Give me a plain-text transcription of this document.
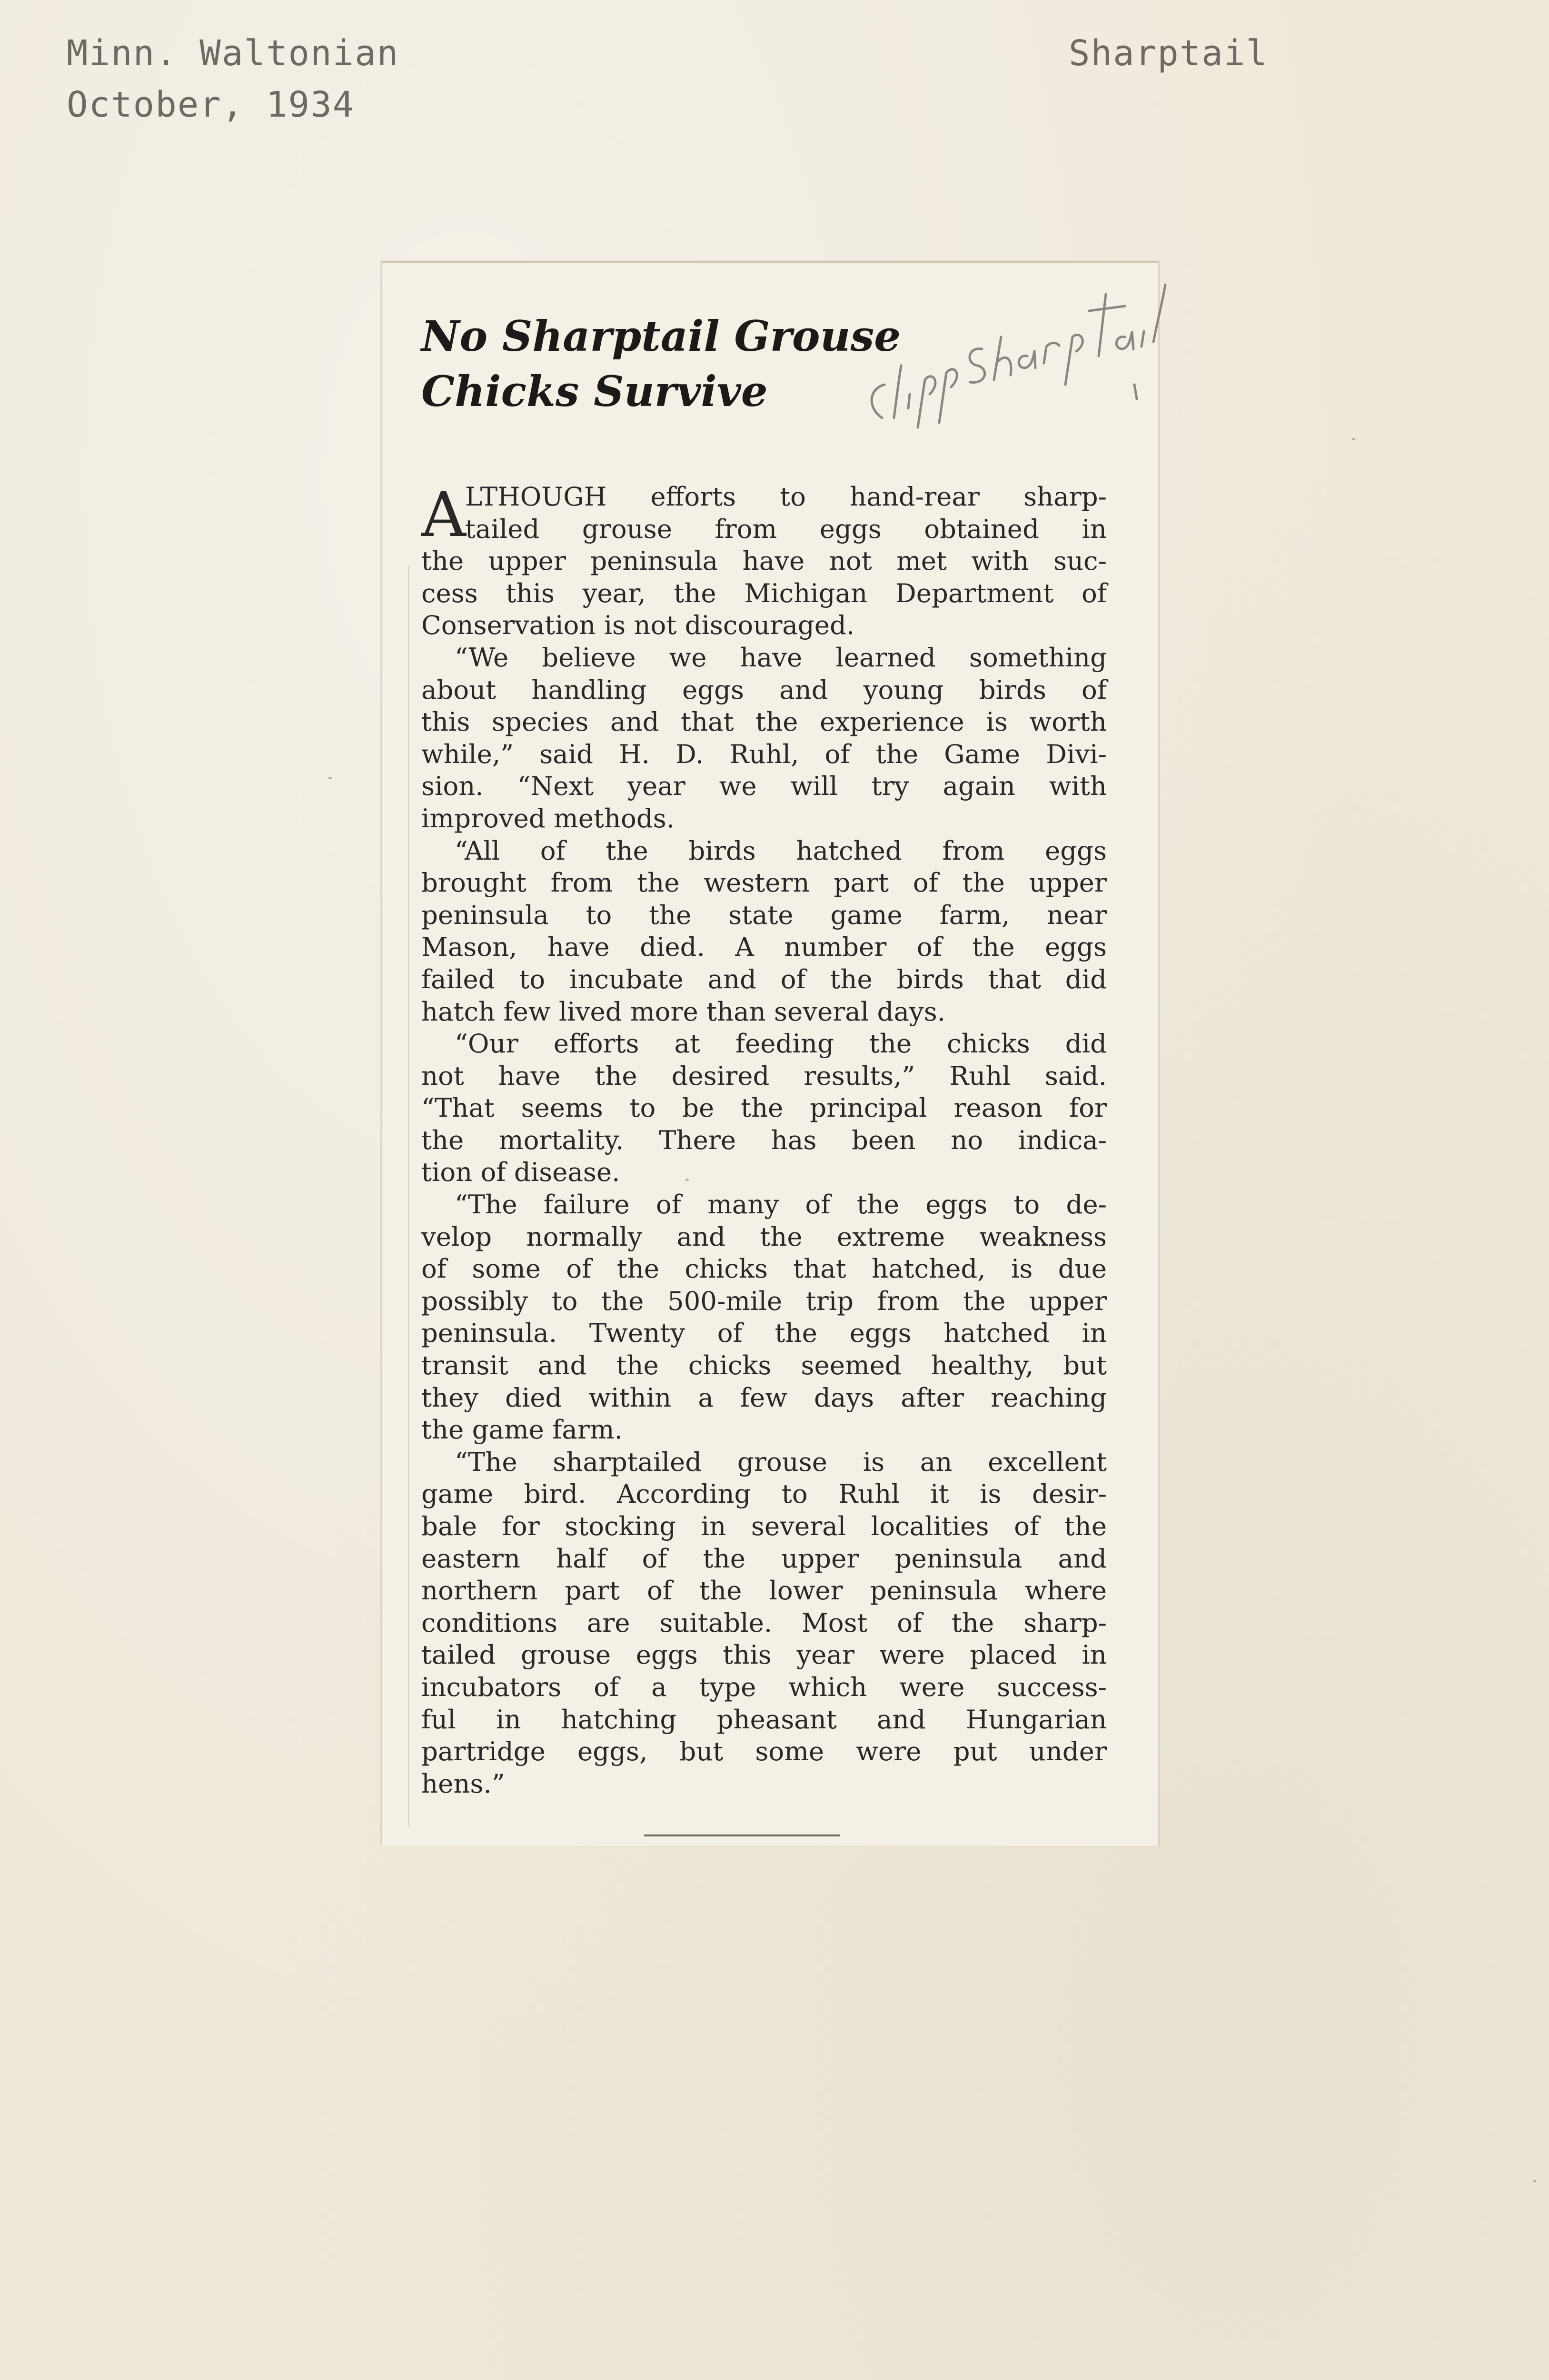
Minn. Waltonian
October, 1934
Sharptail
No Sharptail Grouse
Chicks Survive
A
LTHOUGH efforts to hand-rear sharp-
tailed grouse from eggs obtained in
the upper peninsula have not met with suc-
cess this year, the Michigan Department of
Conservation is not discouraged.
“We believe we have learned something
about handling eggs and young birds of
this species and that the experience is worth
while,” said H. D. Ruhl, of the Game Divi-
sion. “Next year we will try again with
improved methods.
“All of the birds hatched from eggs
brought from the western part of the upper
peninsula to the state game farm, near
Mason, have died. A number of the eggs
failed to incubate and of the birds that did
hatch few lived more than several days.
“Our efforts at feeding the chicks did
not have the desired results,” Ruhl said.
“That seems to be the principal reason for
the mortality. There has been no indica-
tion of disease.
“The failure of many of the eggs to de-
velop normally and the extreme weakness
of some of the chicks that hatched, is due
possibly to the 500-mile trip from the upper
peninsula. Twenty of the eggs hatched in
transit and the chicks seemed healthy, but
they died within a few days after reaching
the game farm.
“The sharptailed grouse is an excellent
game bird. According to Ruhl it is desir-
bale for stocking in several localities of the
eastern half of the upper peninsula and
northern part of the lower peninsula where
conditions are suitable. Most of the sharp-
tailed grouse eggs this year were placed in
incubators of a type which were success-
ful in hatching pheasant and Hungarian
partridge eggs, but some were put under
hens.”
